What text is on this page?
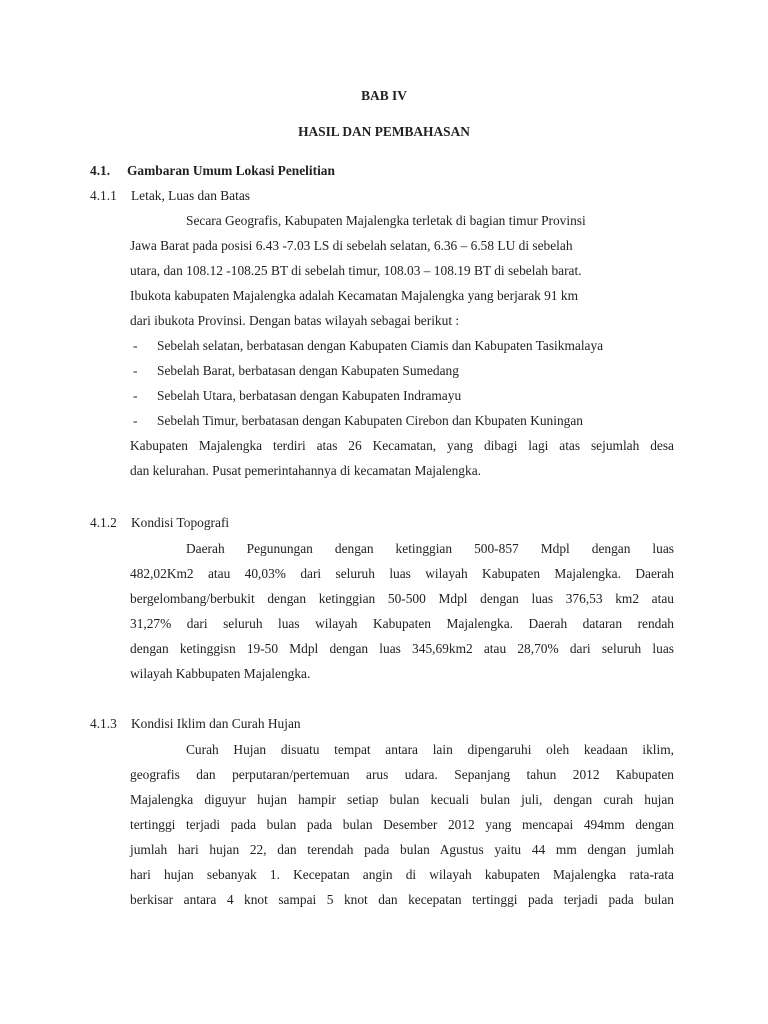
BAB IV
HASIL DAN PEMBAHASAN
4.1. Gambaran Umum Lokasi Penelitian
4.1.1 Letak, Luas dan Batas
Secara Geografis, Kabupaten Majalengka terletak di bagian timur Provinsi
Jawa Barat pada posisi 6.43 -7.03 LS di sebelah selatan, 6.36 – 6.58 LU di sebelah
utara, dan 108.12 -108.25 BT di sebelah timur, 108.03 – 108.19 BT di sebelah barat.
Ibukota kabupaten Majalengka adalah Kecamatan Majalengka yang berjarak 91 km
dari ibukota Provinsi. Dengan batas wilayah sebagai berikut :
- Sebelah selatan, berbatasan dengan Kabupaten Ciamis dan Kabupaten Tasikmalaya
- Sebelah Barat, berbatasan dengan Kabupaten Sumedang
- Sebelah Utara, berbatasan dengan Kabupaten Indramayu
- Sebelah Timur, berbatasan dengan Kabupaten Cirebon dan Kbupaten Kuningan
Kabupaten Majalengka terdiri atas 26 Kecamatan, yang dibagi lagi atas sejumlah desa
dan kelurahan. Pusat pemerintahannya di kecamatan Majalengka.
4.1.2 Kondisi Topografi
Daerah Pegunungan dengan ketinggian 500-857 Mdpl dengan luas
482,02Km2 atau 40,03% dari seluruh luas wilayah Kabupaten Majalengka. Daerah
bergelombang/berbukit dengan ketinggian 50-500 Mdpl dengan luas 376,53 km2 atau
31,27% dari seluruh luas wilayah Kabupaten Majalengka. Daerah dataran rendah
dengan ketinggisn 19-50 Mdpl dengan luas 345,69km2 atau 28,70% dari seluruh luas
wilayah Kabbupaten Majalengka.
4.1.3 Kondisi Iklim dan Curah Hujan
Curah Hujan disuatu tempat antara lain dipengaruhi oleh keadaan iklim,
geografis dan perputaran/pertemuan arus udara. Sepanjang tahun 2012 Kabupaten
Majalengka diguyur hujan hampir setiap bulan kecuali bulan juli, dengan curah hujan
tertinggi terjadi pada bulan pada bulan Desember 2012 yang mencapai 494mm dengan
jumlah hari hujan 22, dan terendah pada bulan Agustus yaitu 44 mm dengan jumlah
hari hujan sebanyak 1. Kecepatan angin di wilayah kabupaten Majalengka rata-rata
berkisar antara 4 knot sampai 5 knot dan kecepatan tertinggi pada terjadi pada bulan
